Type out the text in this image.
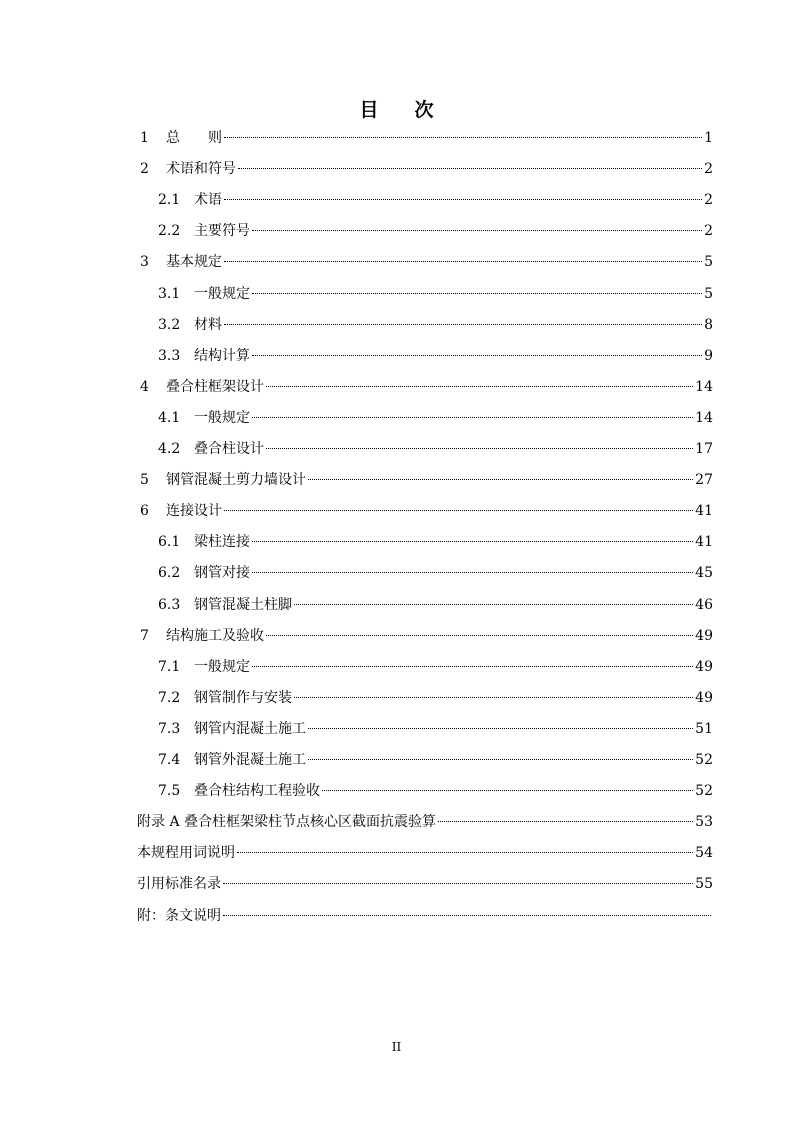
目 次
1	总　　则	1
2	术语和符号	2
2.1 术语	2
2.2 主要符号	2
3	基本规定	5
3.1 一般规定	5
3.2 材料	8
3.3 结构计算	9
4	叠合柱框架设计	14
4.1 一般规定	14
4.2 叠合柱设计	17
5	钢管混凝土剪力墙设计	27
6	连接设计	41
6.1 梁柱连接	41
6.2 钢管对接	45
6.3 钢管混凝土柱脚	46
7	结构施工及验收	49
7.1 一般规定	49
7.2 钢管制作与安装	49
7.3 钢管内混凝土施工	51
7.4 钢管外混凝土施工	52
7.5 叠合柱结构工程验收	52
附录 A 叠合柱框架梁柱节点核心区截面抗震验算	53
本规程用词说明	54
引用标准名录	55
附：条文说明
II
